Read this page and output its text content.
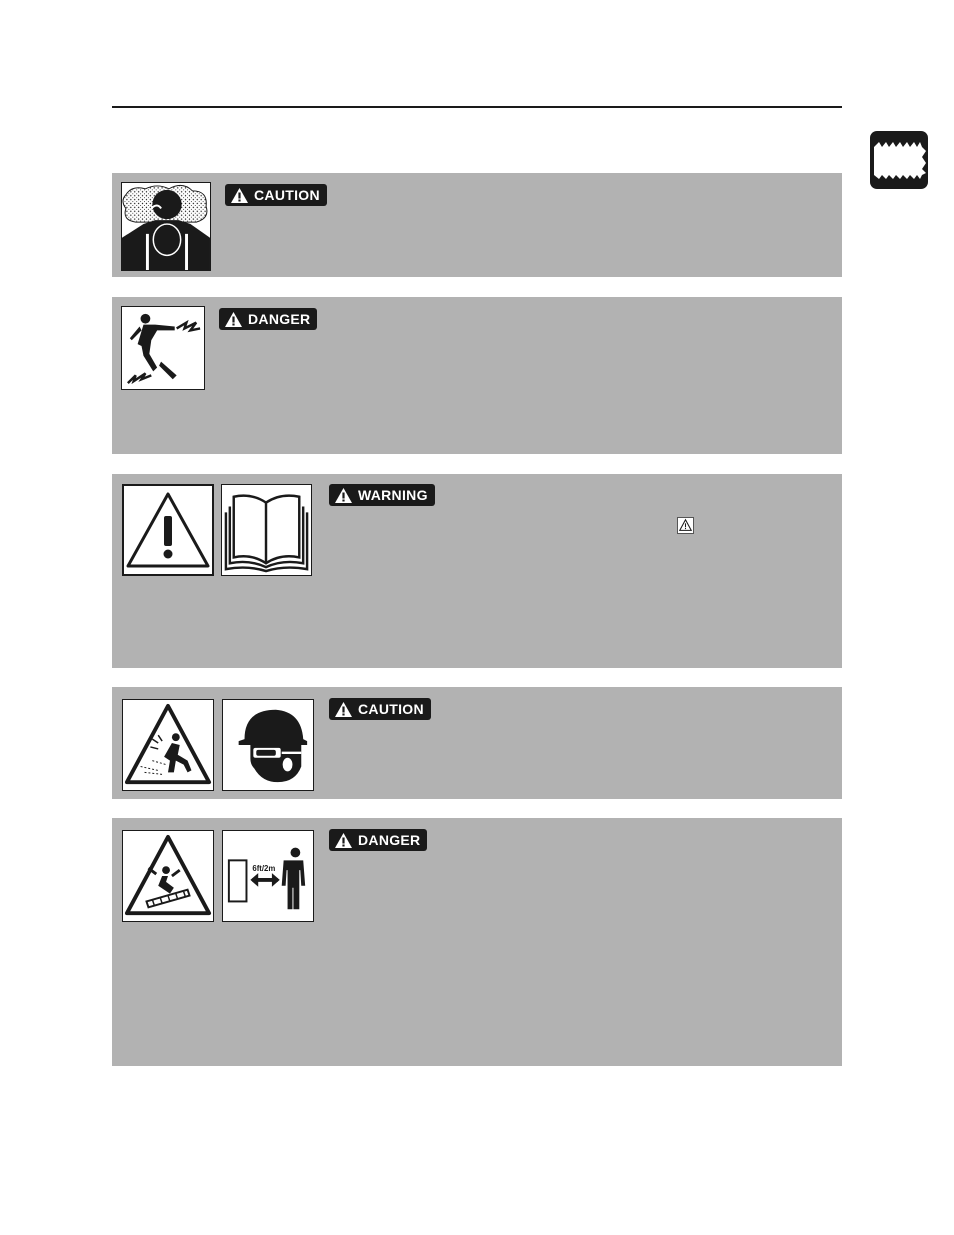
CAUTION
DANGER
WARNING
CAUTION
6ft/2m
DANGER
